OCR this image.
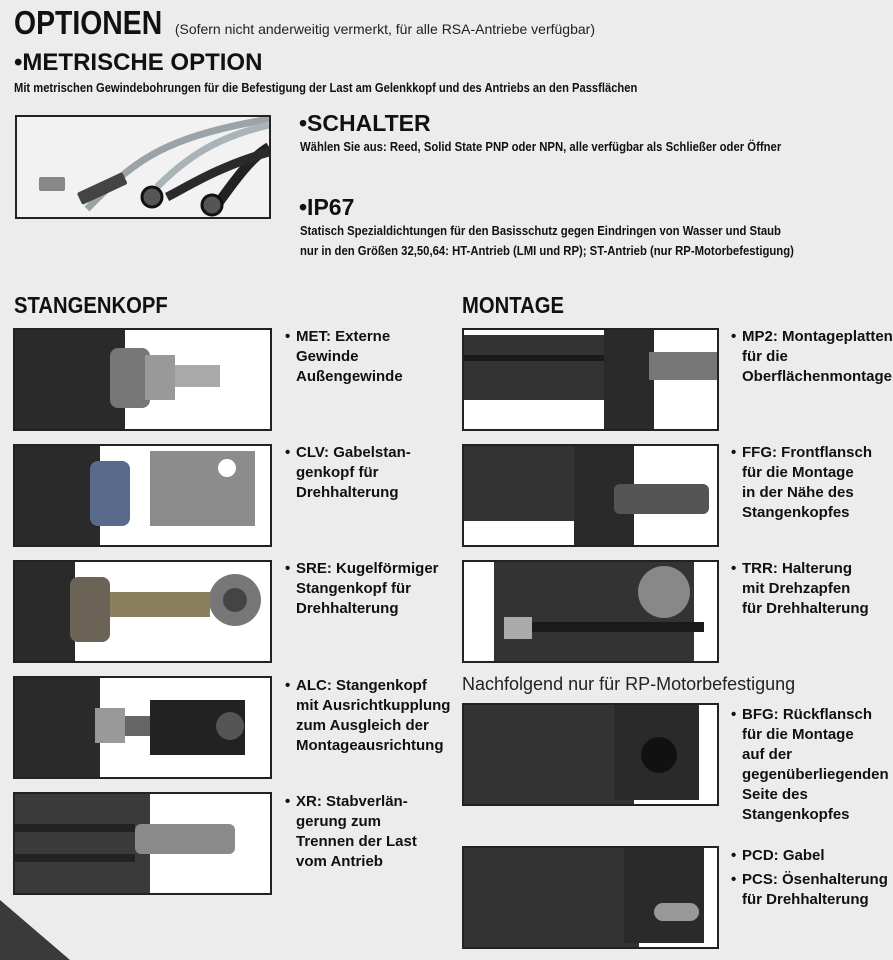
OPTIONEN (Sofern nicht anderweitig vermerkt, für alle RSA-Antriebe verfügbar)
•METRISCHE OPTION
Mit metrischen Gewindebohrungen für die Befestigung der Last am Gelenkkopf und des Antriebs an den Passflächen
•SCHALTER
Wählen Sie aus: Reed, Solid State PNP oder NPN, alle verfügbar als Schließer oder Öffner
•IP67
Statisch Spezialdichtungen für den Basisschutz gegen Eindringen von Wasser und Staub
nur in den Größen 32,50,64: HT-Antrieb (LMI und RP); ST-Antrieb (nur RP-Motorbefestigung)
STANGENKOPF	MONTAGE
• MET: Externe
Gewinde
Außengewinde
• CLV: Gabelstan-
genkopf für
Drehhalterung
• SRE: Kugelförmiger
Stangenkopf für
Drehhalterung
• ALC: Stangenkopf
mit Ausrichtkupplung
zum Ausgleich der
Montageausrichtung
• XR: Stabverlän-
gerung zum
Trennen der Last
vom Antrieb
Nachfolgend nur für RP-Motorbefestigung
• MP2: Montageplatten
für die
Oberflächenmontage
• FFG: Frontflansch
für die Montage
in der Nähe des
Stangenkopfes
• TRR: Halterung
mit Drehzapfen
für Drehhalterung
• BFG: Rückflansch
für die Montage
auf der
gegenüberliegenden
Seite des
Stangenkopfes
• PCD: Gabel
• PCS: Ösenhalterung
für Drehhalterung
